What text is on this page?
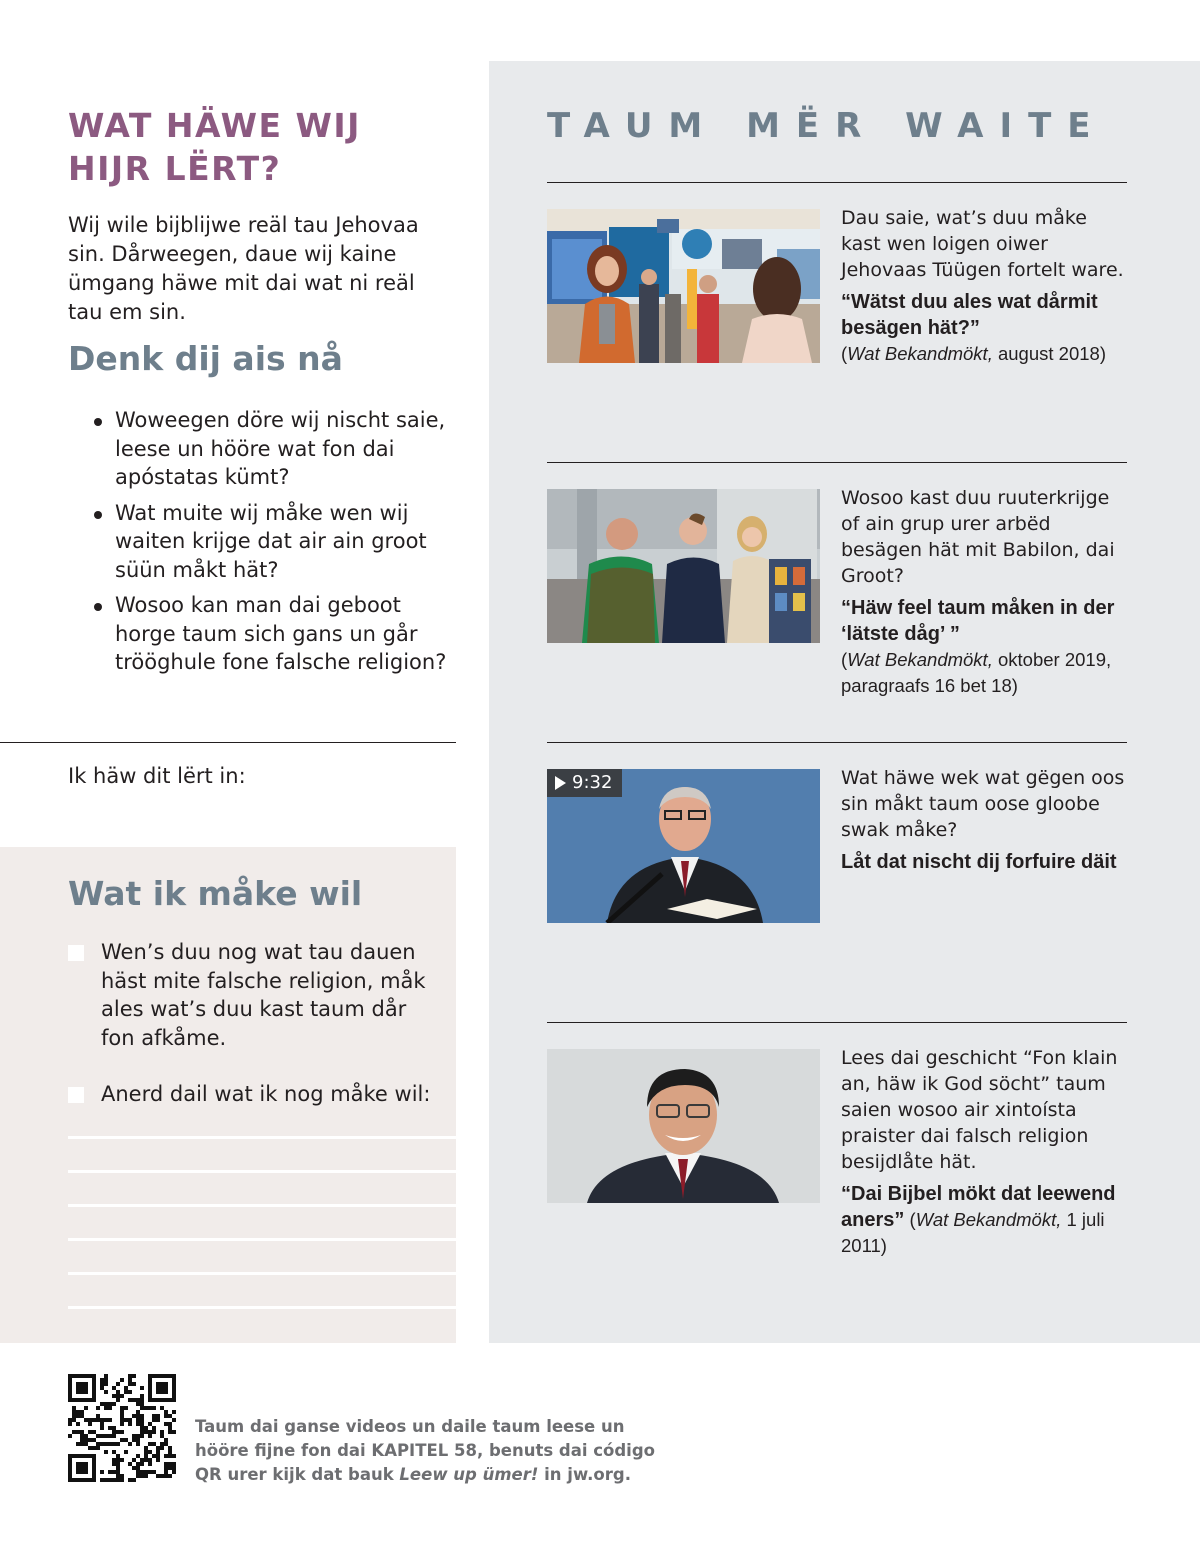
WAT HÄWE WIJ HIJR LËRT?

Wij wile bijblijwe reäl tau Jehovaa sin. Dårweegen, daue wij kaine ümgang häwe mit dai wat ni reäl tau em sin.

Denk dij ais nå
Woweegen döre wij nischt saie, leese un hööre wat fon dai apóstatas kümt?
Wat muite wij måke wen wij waiten krijge dat air ain groot süün måkt hät?
Wosoo kan man dai geboot horge taum sich gans un går trööghule fone falsche religion?
Ik häw dit lërt in:
Wat ik måke wil
Wen’s duu nog wat tau dauen häst mite falsche religion, måk ales wat’s duu kast taum dår fon afkåme.
Anerd dail wat ik nog måke wil:
TAUM MËR WAITE

Dau saie, wat’s duu måke kast wen loigen oiwer Jehovaas Tüügen fortelt ware.

“Wätst duu ales wat dårmit besägen hät?”

(Wat Bekandmökt, august 2018)

Wosoo kast duu ruuterkrijge of ain grup urer arbëd besägen hät mit Babilon, dai Groot?

“Häw feel taum måken in der ‘lätste dåg’ ”

(Wat Bekandmökt, oktober 2019, paragraafs 16 bet 18)

9:32	Wat häwe wek wat gëgen oos sin måkt taum oose gloobe swak måke?

Låt dat nischt dij forfuire däit

Lees dai geschicht “Fon klain an, häw ik God söcht” taum saien wosoo air xintoísta praister dai falsch religion besijdlåte hät.

“Dai Bijbel mökt dat leewend aners” (Wat Bekandmökt, 1 juli 2011)

Taum dai ganse videos un daile taum leese un hööre fijne fon dai KAPITEL 58, benuts dai código QR urer kijk dat bauk Leew up ümer! in jw.org.
